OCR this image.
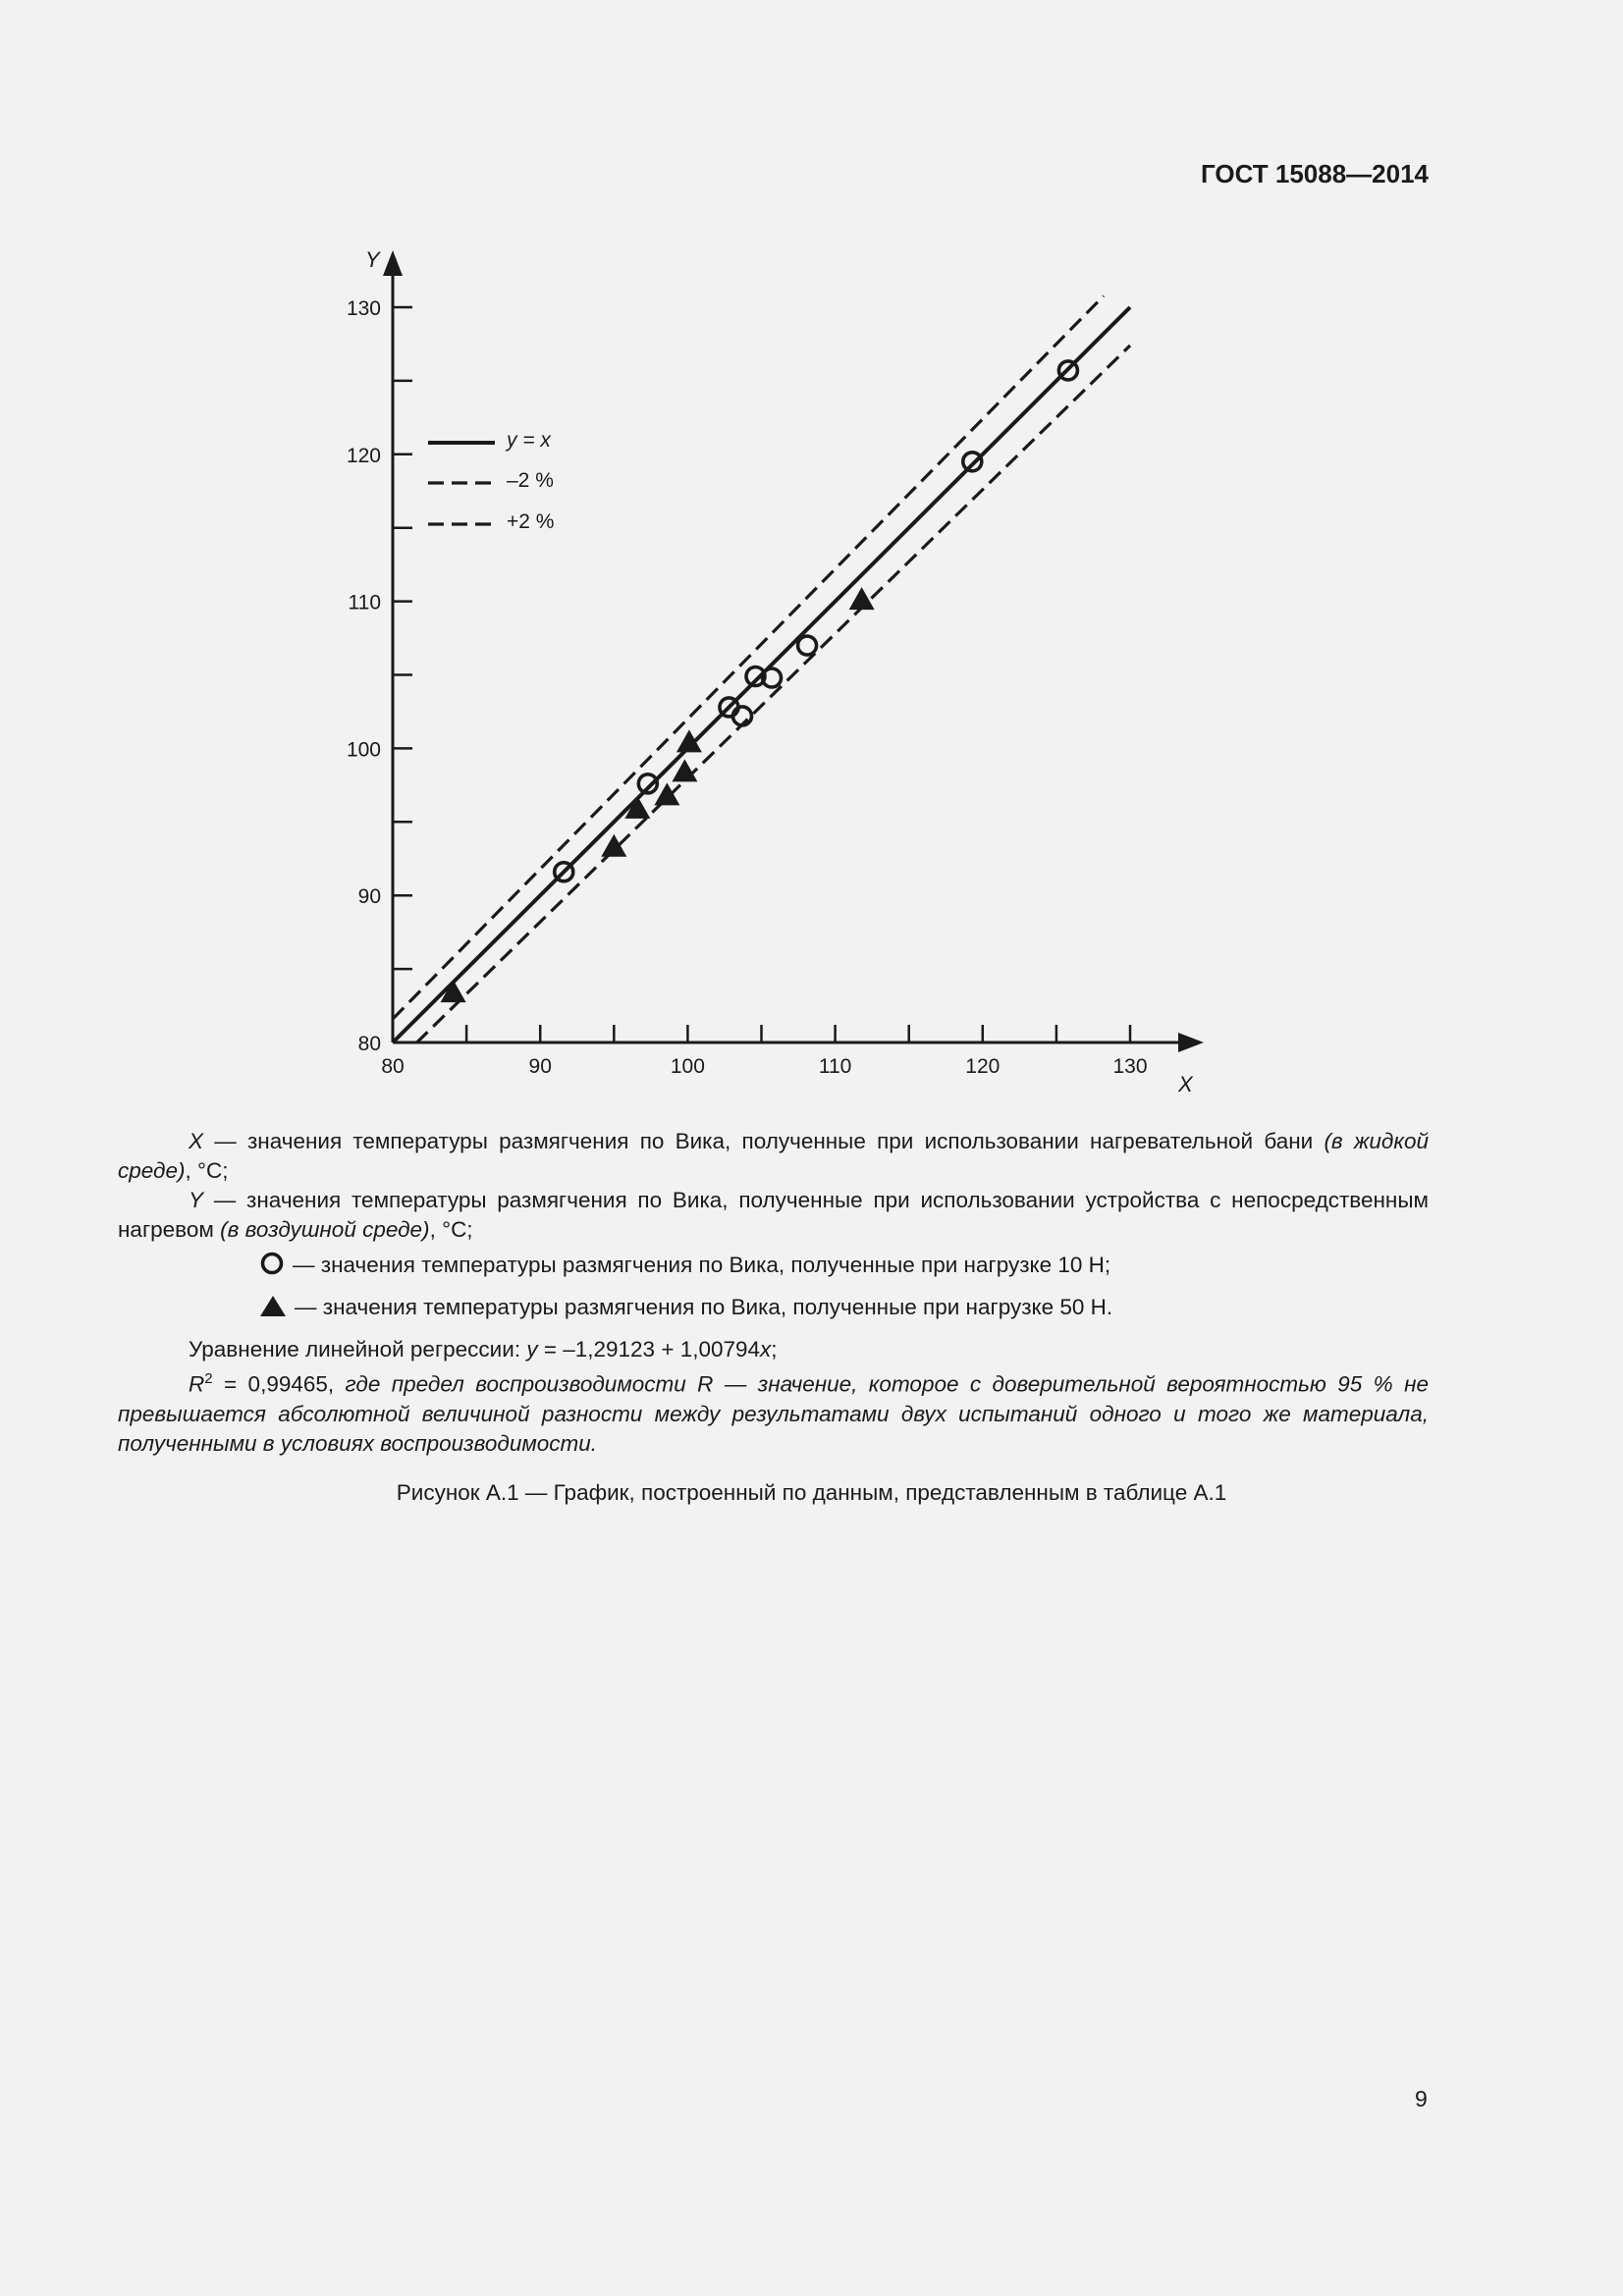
ГОСТ 15088—2014
80	90	100	110	120	130
80
90
100
110
120
130
y = x
–2 %
+2 %
Y
X

X — значения температуры размягчения по Вика, полученные при использовании нагревательной бани (в жидкой среде), °C;

Y — значения температуры размягчения по Вика, полученные при использовании устройства с непосредственным нагревом (в воздушной среде), °C;

— значения температуры размягчения по Вика, полученные при нагрузке 10 Н;

— значения температуры размягчения по Вика, полученные при нагрузке 50 Н.

Уравнение линейной регрессии: y = –1,29123 + 1,00794x;

$R^2 = 0,99465$, где предел воспроизводимости R — значение, которое с доверительной вероятностью 95 % не превышается абсолютной величиной разности между результатами двух испытаний одного и того же материала, полученными в условиях воспроизводимости.

Рисунок А.1 — График, построенный по данным, представленным в таблице А.1
9
